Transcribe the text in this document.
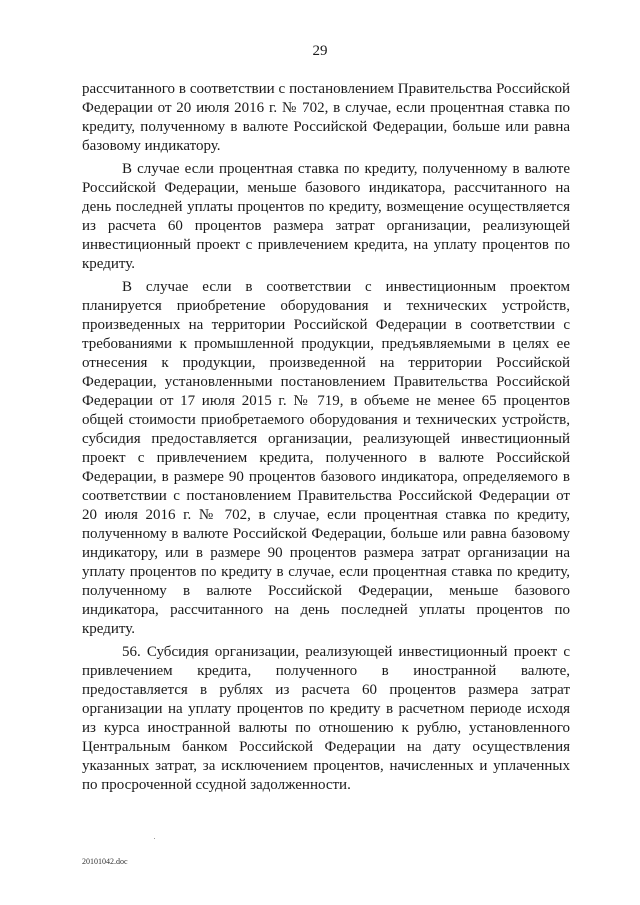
29

рассчитанного в соответствии с постановлением Правительства Российской Федерации от 20 июля 2016 г. № 702, в случае, если процентная ставка по кредиту, полученному в валюте Российской Федерации, больше или равна базовому индикатору.

В случае если процентная ставка по кредиту, полученному в валюте Российской Федерации, меньше базового индикатора, рассчитанного на день последней уплаты процентов по кредиту, возмещение осуществляется из расчета 60 процентов размера затрат организации, реализующей инвестиционный проект с привлечением кредита, на уплату процентов по кредиту.

В случае если в соответствии с инвестиционным проектом планируется приобретение оборудования и технических устройств, произведенных на территории Российской Федерации в соответствии с требованиями к промышленной продукции, предъявляемыми в целях ее отнесения к продукции, произведенной на территории Российской Федерации, установленными постановлением Правительства Российской Федерации от 17 июля 2015 г. № 719, в объеме не менее 65 процентов общей стоимости приобретаемого оборудования и технических устройств, субсидия предоставляется организации, реализующей инвестиционный проект с привлечением кредита, полученного в валюте Российской Федерации, в размере 90 процентов базового индикатора, определяемого в соответствии с постановлением Правительства Российской Федерации от 20 июля 2016 г. № 702, в случае, если процентная ставка по кредиту, полученному в валюте Российской Федерации, больше или равна базовому индикатору, или в размере 90 процентов размера затрат организации на уплату процентов по кредиту в случае, если процентная ставка по кредиту, полученному в валюте Российской Федерации, меньше базового индикатора, рассчитанного на день последней уплаты процентов по кредиту.

56. Субсидия организации, реализующей инвестиционный проект с привлечением кредита, полученного в иностранной валюте, предоставляется в рублях из расчета 60 процентов размера затрат организации на уплату процентов по кредиту в расчетном периоде исходя из курса иностранной валюты по отношению к рублю, установленного Центральным банком Российской Федерации на дату осуществления указанных затрат, за исключением процентов, начисленных и уплаченных по просроченной ссудной задолженности.

20101042.doc
